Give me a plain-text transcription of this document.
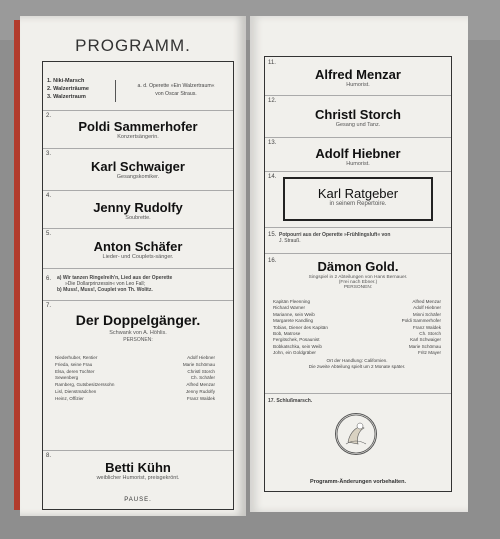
PROGRAMM.
1. Niki-Marsch
2. Walzerträume
3. Walzertraum
a. d. Operette »Ein Walzertraum«
von Oscar Straus.
2.
Poldi Sammerhofer
Konzertsängerin.
3.
Karl Schwaiger
Gesangskomiker.
4.
Jenny Rudolfy
Soubrette.
5.
Anton Schäfer
Lieder- und Couplets-sänger.
6. a) Wir tanzen Ringelreih'n, Lied aus der Operette
»Die Dollarprinzessin« von Leo Fall;
b) Muss!, Muss!, Couplet von Th. Wolitz.
7.
Der Doppelgänger.
Schwank von A. Höhlis.
PERSONEN:
Niederhuber, Rentier	Adolf Hiebner
Frieda, seine Frau	Marie Schömau
Elsa, deren Tochter	Christl Storch
Sewenberg	Ch. Schäfer
Ramberg, Gutsbesitzerssohn	Alfred Menzar
Lisl, Dienstmädchen	Jenny Rudolfy
Heinz, Offizier	Franz Waldek
8.
Betti Kühn
weiblicher Humorist, preisgekrönt.
PAUSE.
11.
Alfred Menzar
Humorist.
12.
Christl Storch
Gesang und Tanz.
13.
Adolf Hiebner
Humorist.
14.
Karl Ratgeber
in seinem Repertoire.
15. Potpourri aus der Operette »Frühlingsluft« von
J. Strauß.
16.	Dämon Gold.
Singspiel in 2 Abteilungen von Hans Bernauer.
(Frei nach Ebner.)
PERSONEN:
Kapitän Fleenning	Alfred Menzar
Richard Warner	Adolf Hiebner
Marianne, sein Weib	Minni Schäfer
Margarete Kandling	Poldi Sammerhofer
Tobias, Diener des Kapitän	Franz Waldek
Bob, Matrose	Ch. Storch
Fergitschek, Posaunist	Karl Schwaiger
Bobkatschka, sein Weib	Marie Schömau
John, ein Goldgräber	Fritz Mayer
Ort der Handlung: Californien.
Die zweite Abteilung spielt um 2 Monate später.
17. Schlußmarsch.
Programm-Änderungen vorbehalten.
